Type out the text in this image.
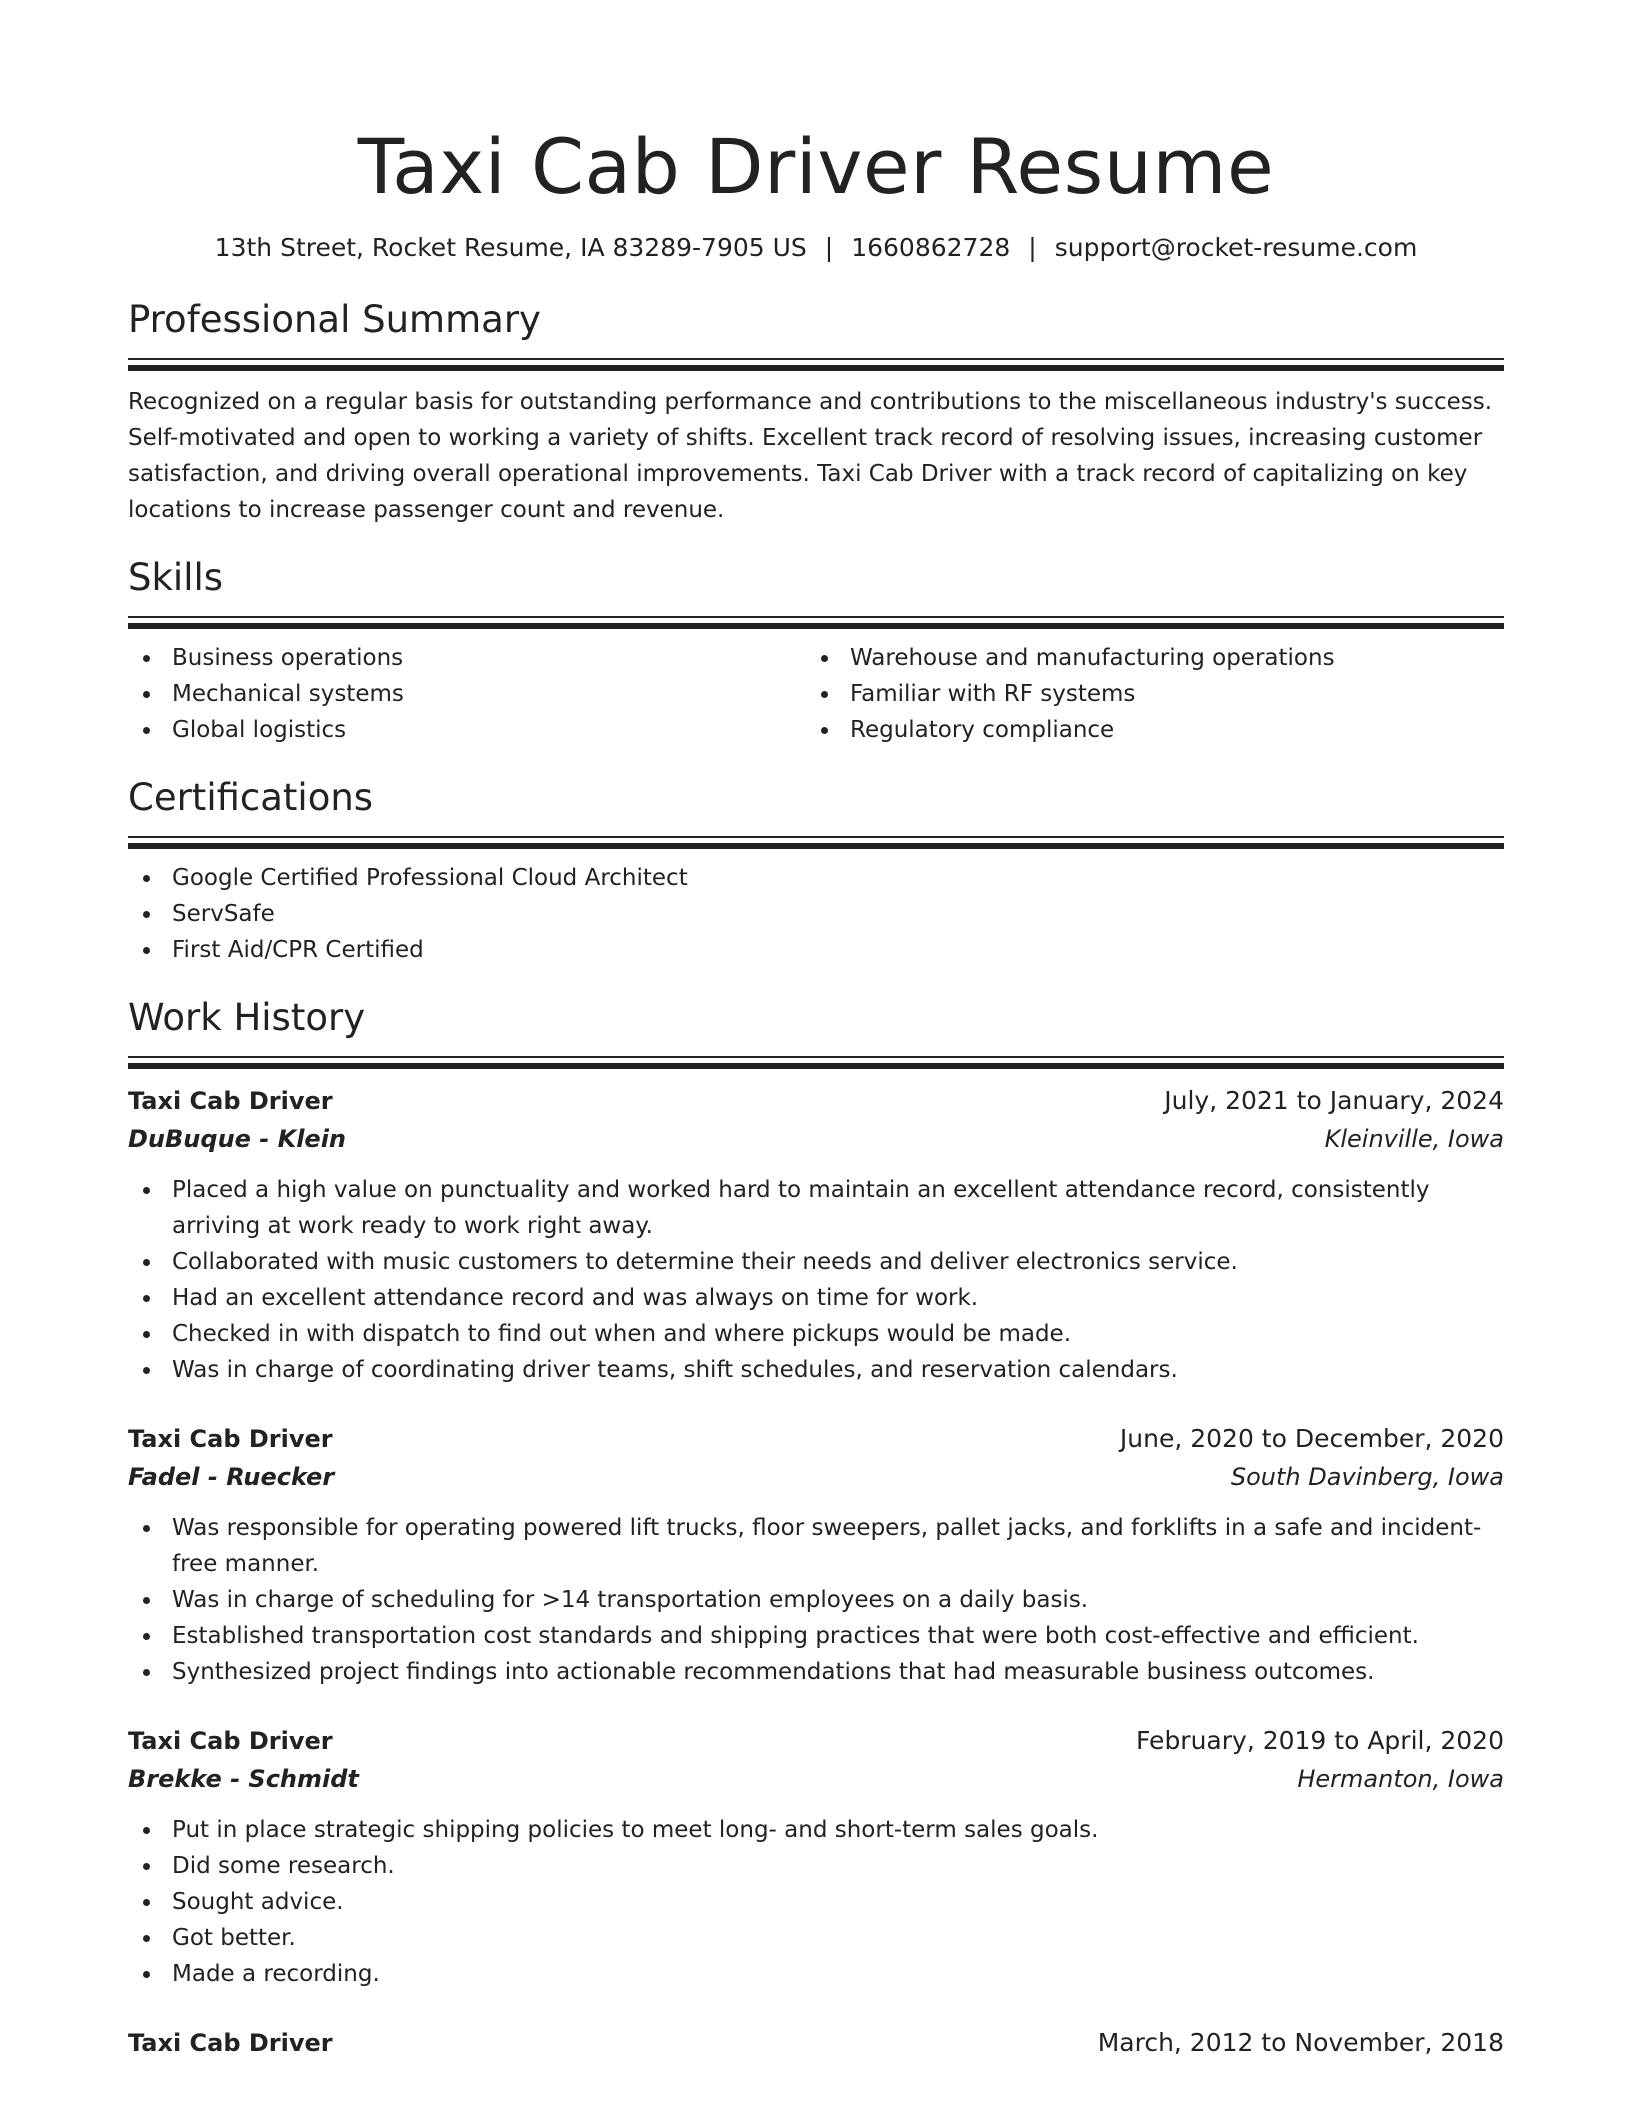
Taxi Cab Driver Resume
13th Street, Rocket Resume, IA 83289-7905 US | 1660862728 | support@rocket-resume.com
Professional Summary

Recognized on a regular basis for outstanding performance and contributions to the miscellaneous industry's success. Self-motivated and open to working a variety of shifts. Excellent track record of resolving issues, increasing customer satisfaction, and driving overall operational improvements. Taxi Cab Driver with a track record of capitalizing on key locations to increase passenger count and revenue.

Skills
Business operations
Mechanical systems
Global logistics
Warehouse and manufacturing operations
Familiar with RF systems
Regulatory compliance
Certifications
Google Certified Professional Cloud Architect
ServSafe
First Aid/CPR Certified
Work History
Taxi Cab Driver	July, 2021 to January, 2024
DuBuque - Klein	Kleinville, Iowa
Placed a high value on punctuality and worked hard to maintain an excellent attendance record, consistently arriving at work ready to work right away.
Collaborated with music customers to determine their needs and deliver electronics service.
Had an excellent attendance record and was always on time for work.
Checked in with dispatch to find out when and where pickups would be made.
Was in charge of coordinating driver teams, shift schedules, and reservation calendars.
Taxi Cab Driver	June, 2020 to December, 2020
Fadel - Ruecker	South Davinberg, Iowa
Was responsible for operating powered lift trucks, floor sweepers, pallet jacks, and forklifts in a safe and incident-free manner.
Was in charge of scheduling for >14 transportation employees on a daily basis.
Established transportation cost standards and shipping practices that were both cost-effective and efficient.
Synthesized project findings into actionable recommendations that had measurable business outcomes.
Taxi Cab Driver	February, 2019 to April, 2020
Brekke - Schmidt	Hermanton, Iowa
Put in place strategic shipping policies to meet long- and short-term sales goals.
Did some research.
Sought advice.
Got better.
Made a recording.
Taxi Cab Driver	March, 2012 to November, 2018
